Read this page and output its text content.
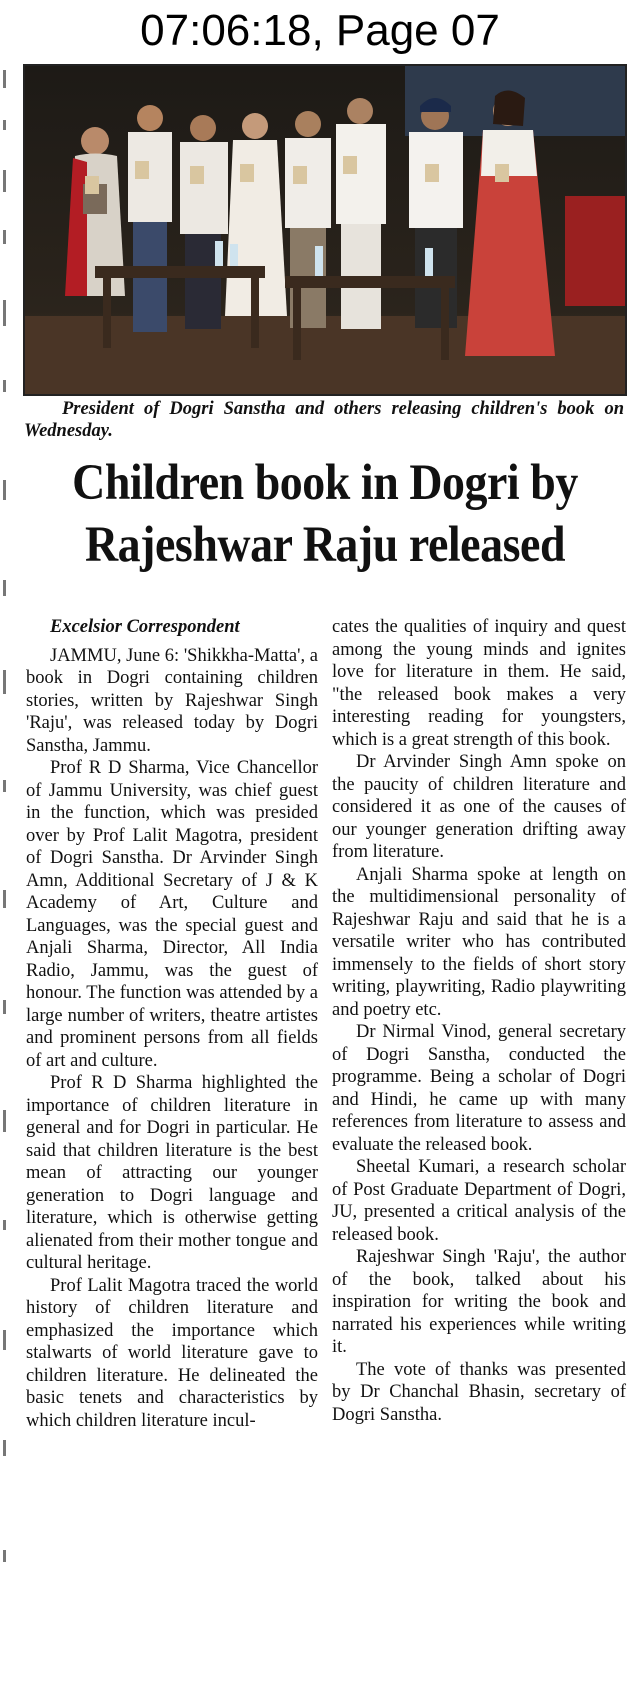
07:06:18, Page 07
President of Dogri Sanstha and others releasing children's book on Wednesday.
Children book in Dogri by Rajeshwar Raju released
Excelsior Correspondent

JAMMU, June 6: 'Shikkha-Matta', a book in Dogri containing children stories, written by Rajeshwar Singh 'Raju', was released today by Dogri Sanstha, Jammu.

Prof R D Sharma, Vice Chancellor of Jammu University, was chief guest in the function, which was presided over by Prof Lalit Magotra, president of Dogri Sanstha. Dr Arvinder Singh Amn, Additional Secretary of J & K Academy of Art, Culture and Languages, was the special guest and Anjali Sharma, Director, All India Radio, Jammu, was the guest of honour. The function was attended by a large number of writers, theatre artistes and prominent persons from all fields of art and culture.

Prof R D Sharma highlighted the importance of children literature in general and for Dogri in particular. He said that children literature is the best mean of attracting our younger generation to Dogri language and literature, which is otherwise getting alienated from their mother tongue and cultural heritage.

Prof Lalit Magotra traced the world history of children literature and emphasized the importance which stalwarts of world literature gave to children literature. He delineated the basic tenets and characteristics by which children literature incul-

cates the qualities of inquiry and quest among the young minds and ignites love for literature in them. He said, "the released book makes a very interesting reading for youngsters, which is a great strength of this book.

Dr Arvinder Singh Amn spoke on the paucity of children literature and considered it as one of the causes of our younger generation drifting away from literature.

Anjali Sharma spoke at length on the multidimensional personality of Rajeshwar Raju and said that he is a versatile writer who has contributed immensely to the fields of short story writing, playwriting, Radio playwriting and poetry etc.

Dr Nirmal Vinod, general secretary of Dogri Sanstha, conducted the programme. Being a scholar of Dogri and Hindi, he came up with many references from literature to assess and evaluate the released book.

Sheetal Kumari, a research scholar of Post Graduate Department of Dogri, JU, presented a critical analysis of the released book.

Rajeshwar Singh 'Raju', the author of the book, talked about his inspiration for writing the book and narrated his experiences while writing it.

The vote of thanks was presented by Dr Chanchal Bhasin, secretary of Dogri Sanstha.
